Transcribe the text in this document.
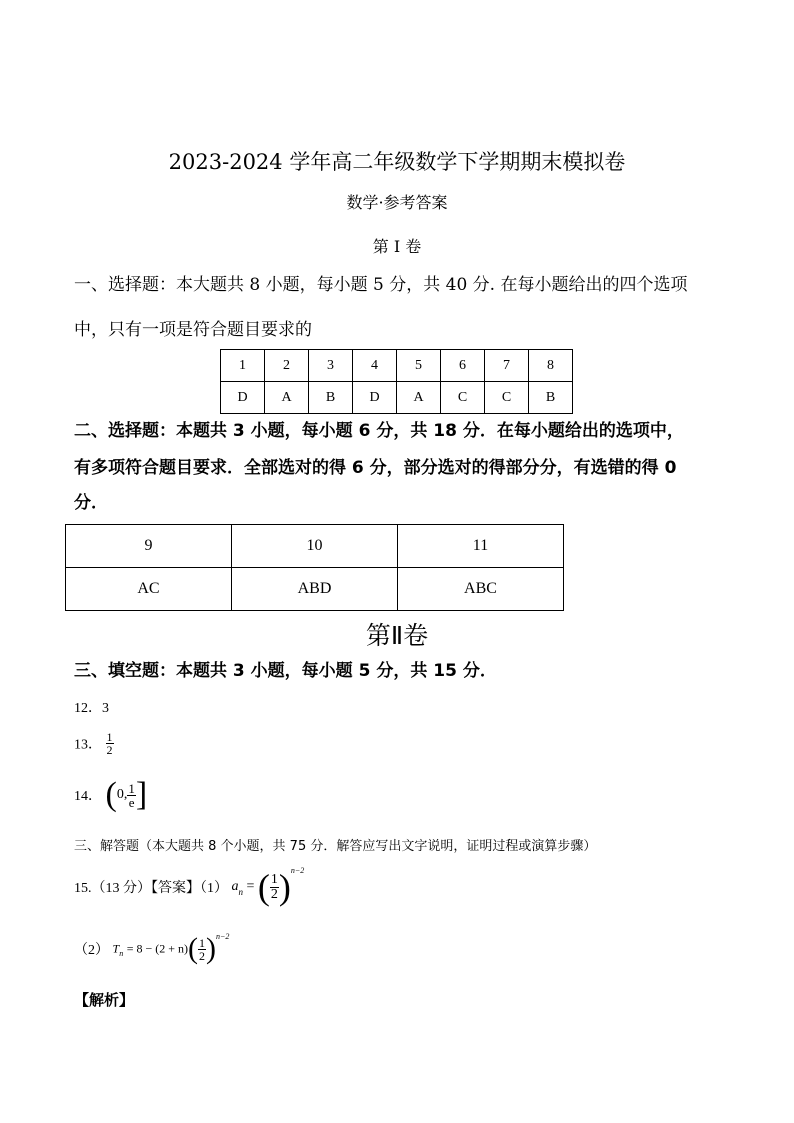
2023-2024 学年高二年级数学下学期期末模拟卷
数学·参考答案
第 I 卷
一、选择题：本大题共 8 小题，每小题 5 分，共 40 分. 在每小题给出的四个选项
中，只有一项是符合题目要求的
1	2	3	4	5	6	7	8
D	A	B	D	A	C	C	B
二、选择题：本题共 3 小题，每小题 6 分，共 18 分．在每小题给出的选项中，
有多项符合题目要求．全部选对的得 6 分，部分选对的得部分分，有选错的得 0
分．
9	10	11
AC	ABD	ABC
第Ⅱ卷
三、填空题：本题共 3 小题，每小题 5 分，共 15 分．
12．3
13． $\frac{1}{2}$
14． (0, $\frac{1}{e}$ ]
三、解答题（本大题共 8 个小题，共 75 分．解答应写出文字说明，证明过程或演算步骤）
15.（13 分）【答案】（1） $a_n$ = ( $\frac{1}{2} )^{n-2}$
（2） $T_n = 8 - (2 + n)( \frac{1}{2} )^{n-2}$
【解析】
